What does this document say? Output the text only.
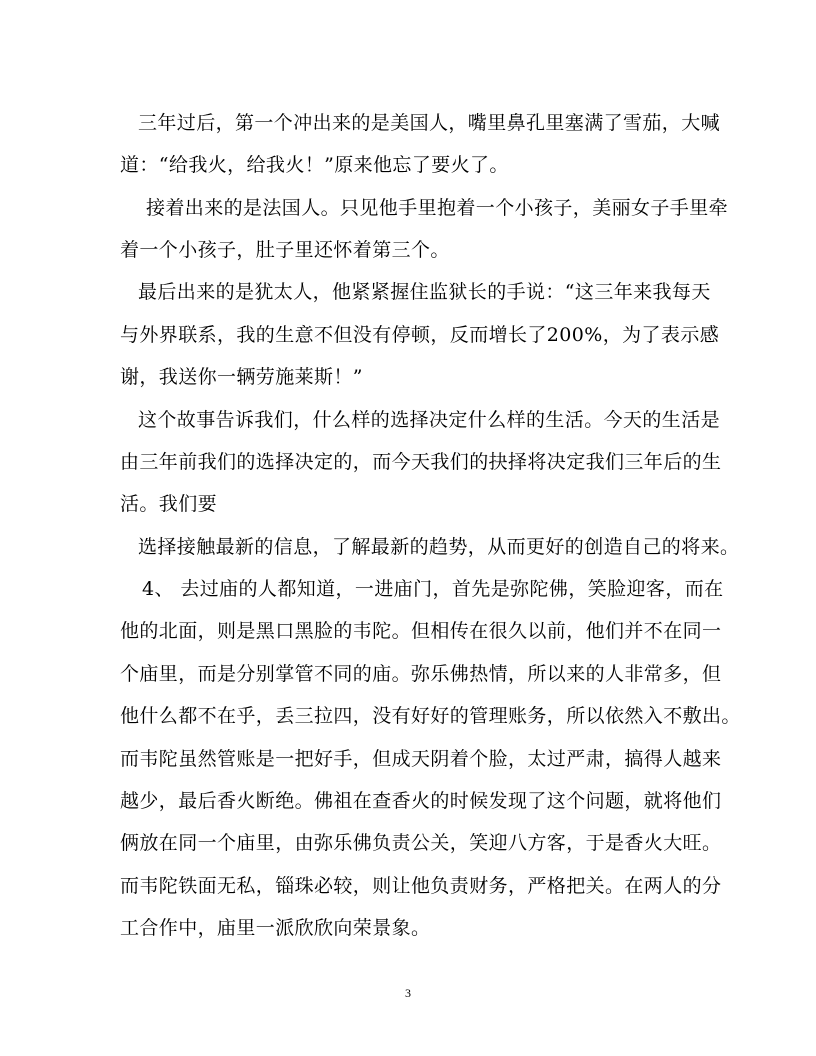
三年过后，第一个冲出来的是美国人，嘴里鼻孔里塞满了雪茄，大喊
道：“给我火，给我火！”原来他忘了要火了。
接着出来的是法国人。只见他手里抱着一个小孩子，美丽女子手里牵
着一个小孩子，肚子里还怀着第三个。
最后出来的是犹太人，他紧紧握住监狱长的手说：“这三年来我每天
与外界联系，我的生意不但没有停顿，反而增长了200%，为了表示感
谢，我送你一辆劳施莱斯！”
这个故事告诉我们，什么样的选择决定什么样的生活。今天的生活是
由三年前我们的选择决定的，而今天我们的抉择将决定我们三年后的生
活。我们要
选择接触最新的信息，了解最新的趋势，从而更好的创造自己的将来。
4、 去过庙的人都知道，一进庙门，首先是弥陀佛，笑脸迎客，而在
他的北面，则是黑口黑脸的韦陀。但相传在很久以前，他们并不在同一
个庙里，而是分别掌管不同的庙。弥乐佛热情，所以来的人非常多，但
他什么都不在乎，丢三拉四，没有好好的管理账务，所以依然入不敷出。
而韦陀虽然管账是一把好手，但成天阴着个脸，太过严肃，搞得人越来
越少，最后香火断绝。佛祖在查香火的时候发现了这个问题，就将他们
俩放在同一个庙里，由弥乐佛负责公关，笑迎八方客，于是香火大旺。
而韦陀铁面无私，锱珠必较，则让他负责财务，严格把关。在两人的分
工合作中，庙里一派欣欣向荣景象。
3
